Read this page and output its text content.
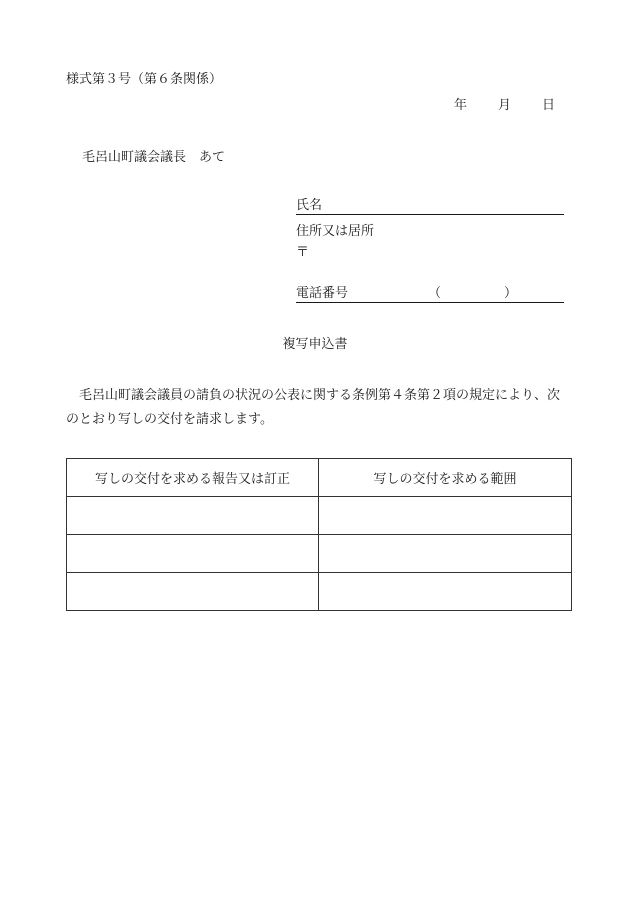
様式第３号（第６条関係）
年 月 日
毛呂山町議会議長　あて
氏名
住所又は居所
〒
電話番号	（	）
複写申込書
毛呂山町議会議員の請負の状況の公表に関する条例第４条第２項の規定により、次のとおり写しの交付を請求します。
写しの交付を求める報告又は訂正	写しの交付を求める範囲
